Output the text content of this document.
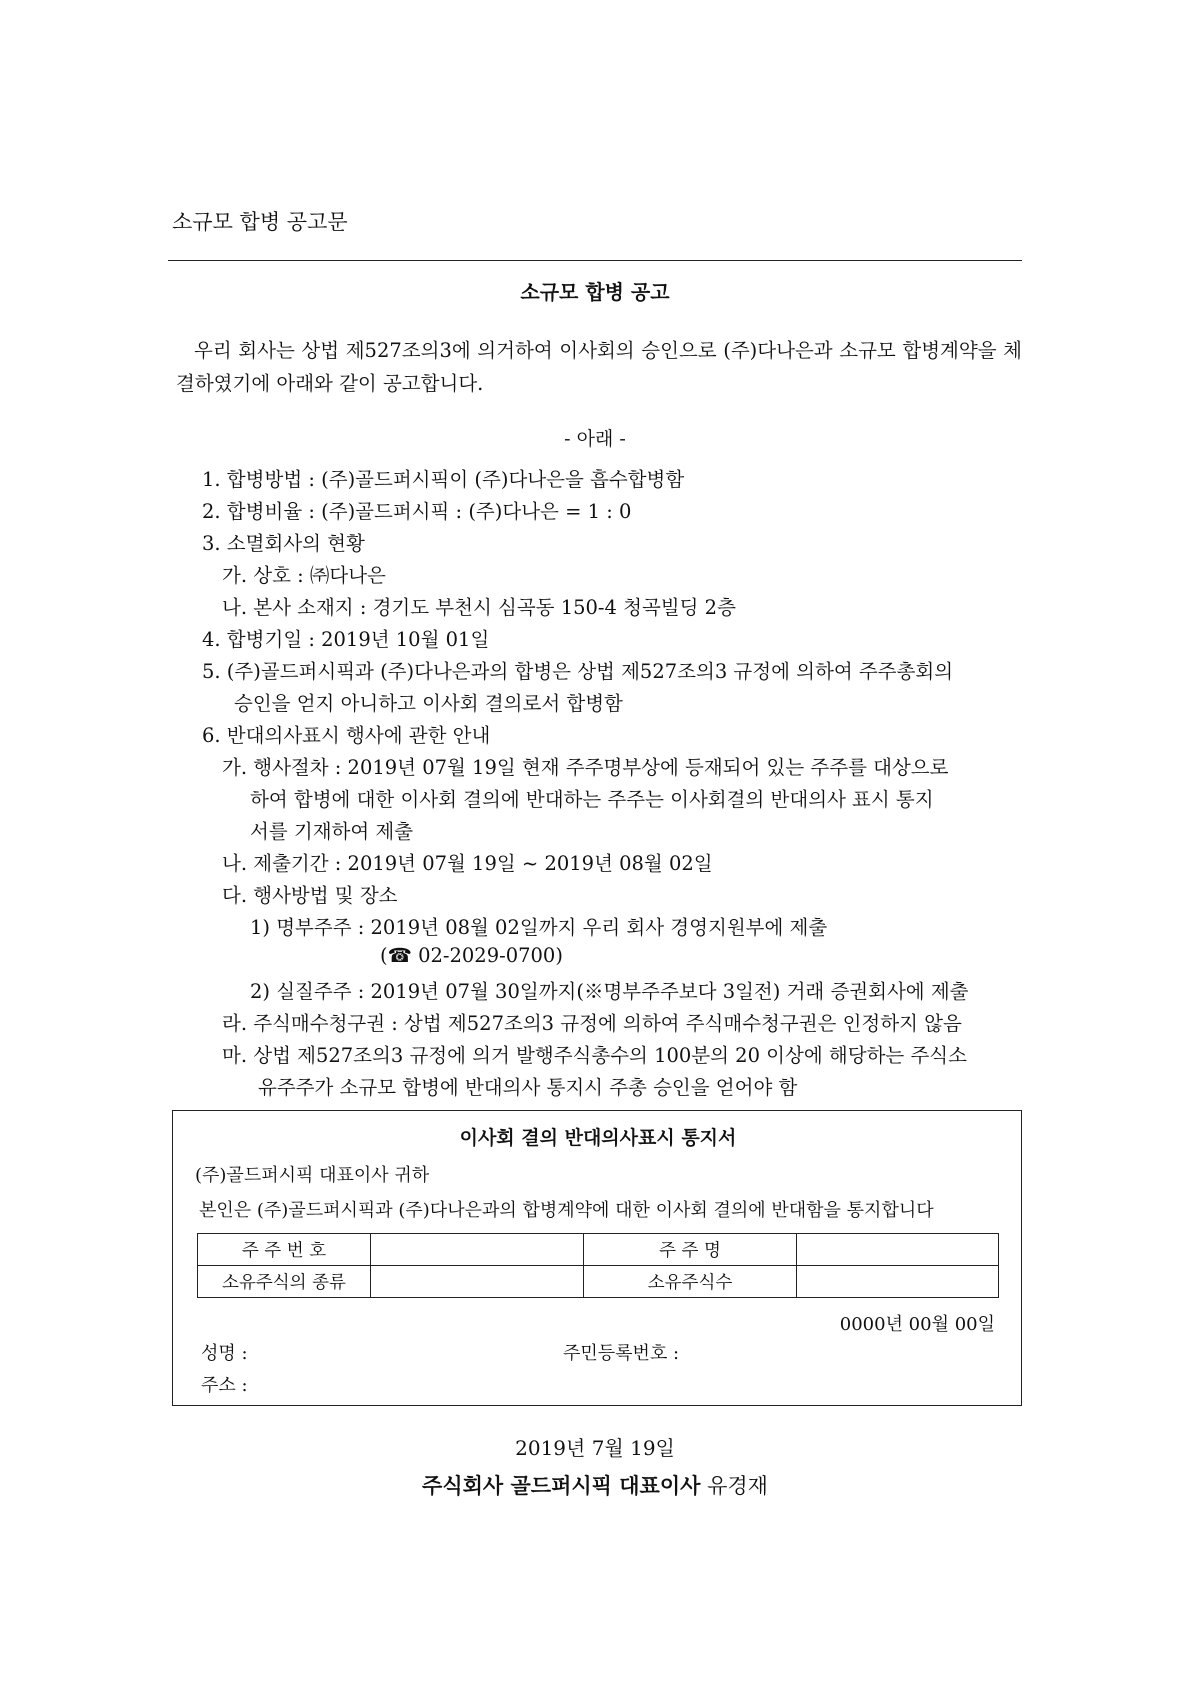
소규모 합병 공고문
소규모 합병 공고
우리 회사는 상법 제527조의3에 의거하여 이사회의 승인으로 (주)다나은과 소규모 합병계약을 체결하였기에 아래와 같이 공고합니다.
- 아래 -
1. 합병방법 : (주)골드퍼시픽이 (주)다나은을 흡수합병함
2. 합병비율 : (주)골드퍼시픽 : (주)다나은 = 1 : 0
3. 소멸회사의 현황
가. 상호 : ㈜다나은
나. 본사 소재지 : 경기도 부천시 심곡동 150-4 청곡빌딩 2층
4. 합병기일 : 2019년 10월 01일
5. (주)골드퍼시픽과 (주)다나은과의 합병은 상법 제527조의3 규정에 의하여 주주총회의
승인을 얻지 아니하고 이사회 결의로서 합병함
6. 반대의사표시 행사에 관한 안내
가. 행사절차 : 2019년 07월 19일 현재 주주명부상에 등재되어 있는 주주를 대상으로
하여 합병에 대한 이사회 결의에 반대하는 주주는 이사회결의 반대의사 표시 통지
서를 기재하여 제출
나. 제출기간 : 2019년 07월 19일 ~ 2019년 08월 02일
다. 행사방법 및 장소
1) 명부주주 : 2019년 08월 02일까지 우리 회사 경영지원부에 제출
(☎ 02-2029-0700)
2) 실질주주 : 2019년 07월 30일까지(※명부주주보다 3일전) 거래 증권회사에 제출
라. 주식매수청구권 : 상법 제527조의3 규정에 의하여 주식매수청구권은 인정하지 않음
마. 상법 제527조의3 규정에 의거 발행주식총수의 100분의 20 이상에 해당하는 주식소
유주주가 소규모 합병에 반대의사 통지시 주총 승인을 얻어야 함
이사회 결의 반대의사표시 통지서
(주)골드퍼시픽 대표이사 귀하
본인은 (주)골드퍼시픽과 (주)다나은과의 합병계약에 대한 이사회 결의에 반대함을 통지합니다
주 주 번 호		주 주 명	
소유주식의 종류		소유주식수	
0000년 00월 00일
성명 :	주민등록번호 :
주소 :
2019년 7월 19일
주식회사 골드퍼시픽 대표이사 유경재
